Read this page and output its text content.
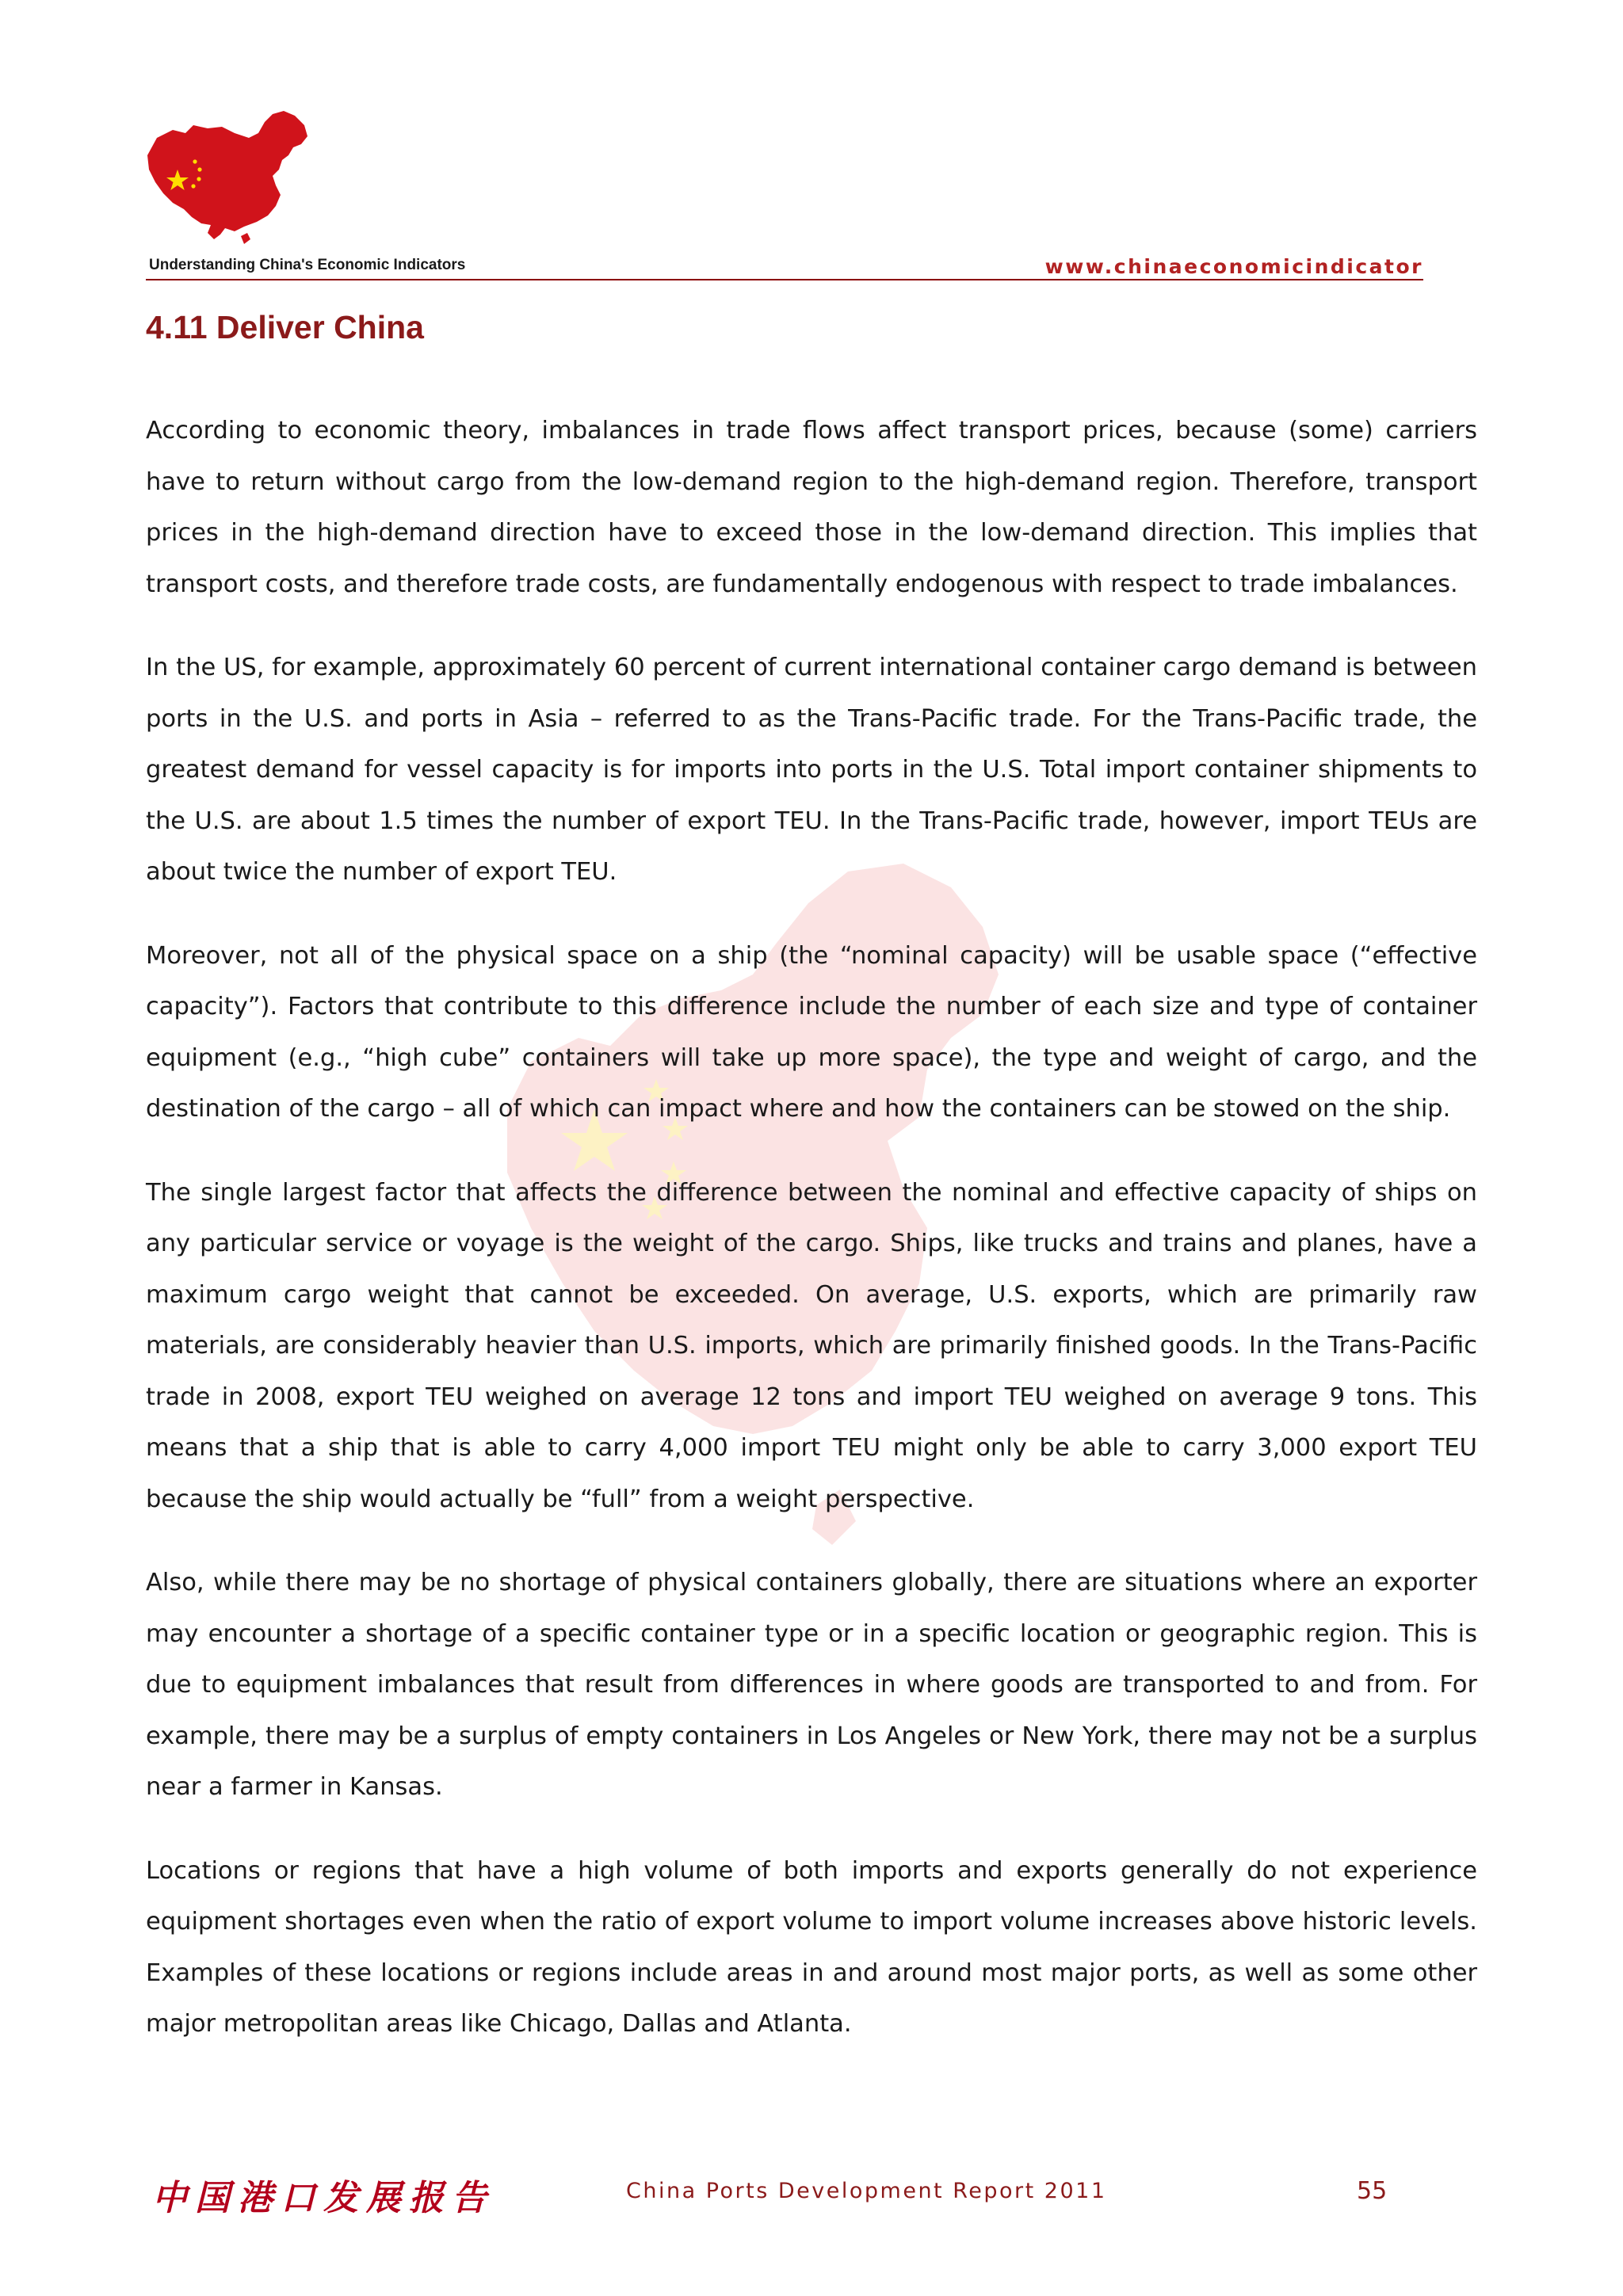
Understanding China's Economic Indicators	www.chinaeconomicindicator
4.11 Deliver China

According to economic theory, imbalances in trade flows affect transport prices, because (some) carriers have to return without cargo from the low-demand region to the high-demand region. Therefore, transport prices in the high-demand direction have to exceed those in the low-demand direction. This implies that transport costs, and therefore trade costs, are fundamentally endogenous with respect to trade imbalances.

In the US, for example, approximately 60 percent of current international container cargo demand is between ports in the U.S. and ports in Asia – referred to as the Trans-Pacific trade. For the Trans-Pacific trade, the greatest demand for vessel capacity is for imports into ports in the U.S. Total import container shipments to the U.S. are about 1.5 times the number of export TEU. In the Trans-Pacific trade, however, import TEUs are about twice the number of export TEU.

Moreover, not all of the physical space on a ship (the “nominal capacity) will be usable space (“effective capacity”). Factors that contribute to this difference include the number of each size and type of container equipment (e.g., “high cube” containers will take up more space), the type and weight of cargo, and the destination of the cargo – all of which can impact where and how the containers can be stowed on the ship.

The single largest factor that affects the difference between the nominal and effective capacity of ships on any particular service or voyage is the weight of the cargo. Ships, like trucks and trains and planes, have a maximum cargo weight that cannot be exceeded. On average, U.S. exports, which are primarily raw materials, are considerably heavier than U.S. imports, which are primarily finished goods. In the Trans-Pacific trade in 2008, export TEU weighed on average 12 tons and import TEU weighed on average 9 tons. This means that a ship that is able to carry 4,000 import TEU might only be able to carry 3,000 export TEU because the ship would actually be “full” from a weight perspective.

Also, while there may be no shortage of physical containers globally, there are situations where an exporter may encounter a shortage of a specific container type or in a specific location or geographic region. This is due to equipment imbalances that result from differences in where goods are transported to and from. For example, there may be a surplus of empty containers in Los Angeles or New York, there may not be a surplus near a farmer in Kansas.

Locations or regions that have a high volume of both imports and exports generally do not experience equipment shortages even when the ratio of export volume to import volume increases above historic levels. Examples of these locations or regions include areas in and around most major ports, as well as some other major metropolitan areas like Chicago, Dallas and Atlanta.

中国港口发展报告	China Ports Development Report 2011	55
